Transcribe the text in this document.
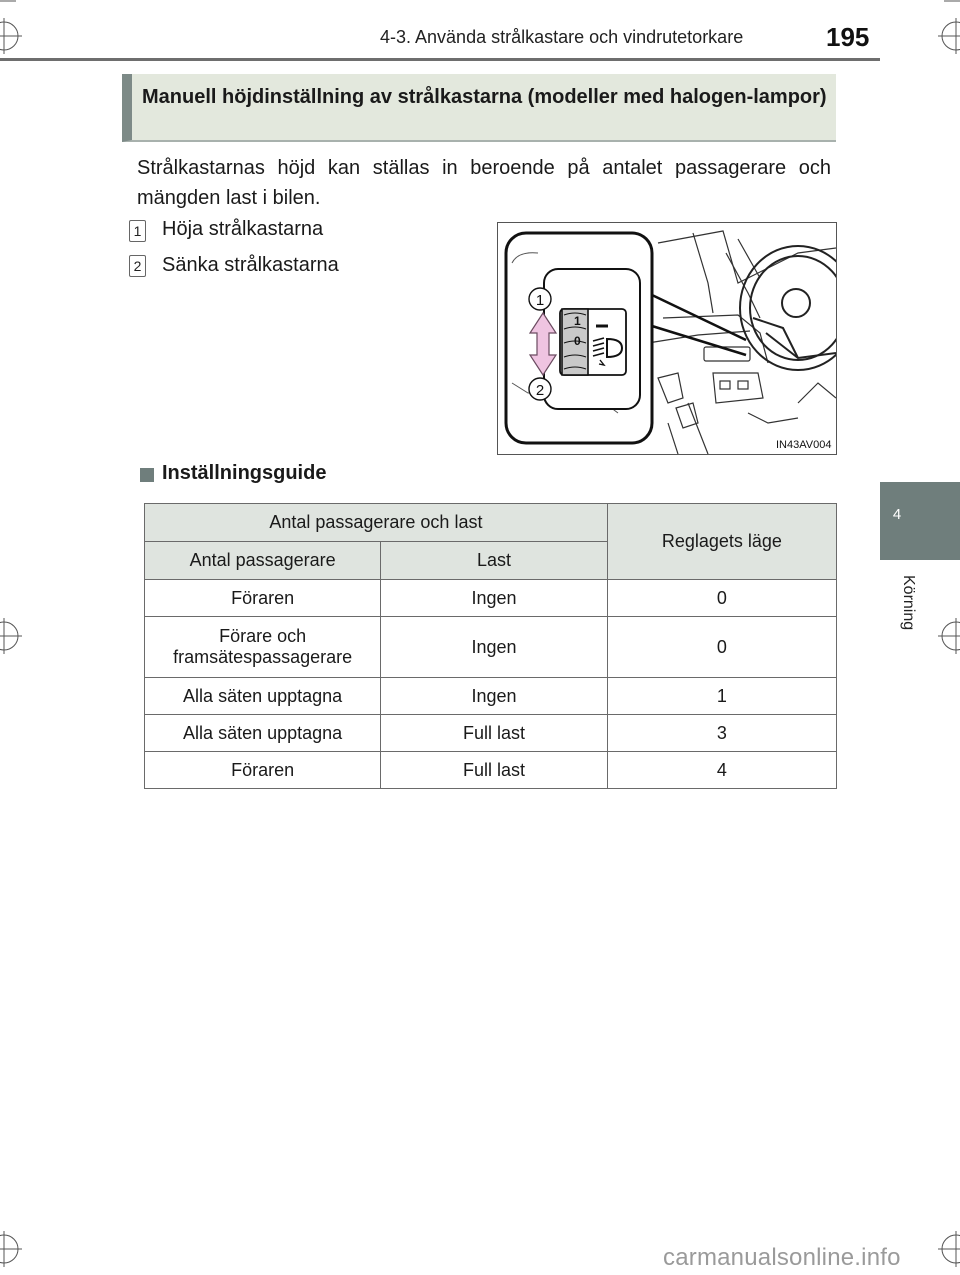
4-3. Använda strålkastare och vindrutetorkare	195
4
Körning
Manuell höjdinställning av strålkastarna (modeller med halogen-lampor)
Strålkastarnas höjd kan ställas in beroende på antalet passagerare och mängden last i bilen.
1 Höja strålkastarna
2 Sänka strålkastarna
1
0
1
2
IN43AV004
Inställningsguide
Antal passagerare och last		Reglagets läge
Antal passagerare	Last	
Föraren	Ingen	0
Förare och framsätespassagerare	Ingen	0
Alla säten upptagna	Ingen	1
Alla säten upptagna	Full last	3
Föraren	Full last	4
carmanualsonline.info
